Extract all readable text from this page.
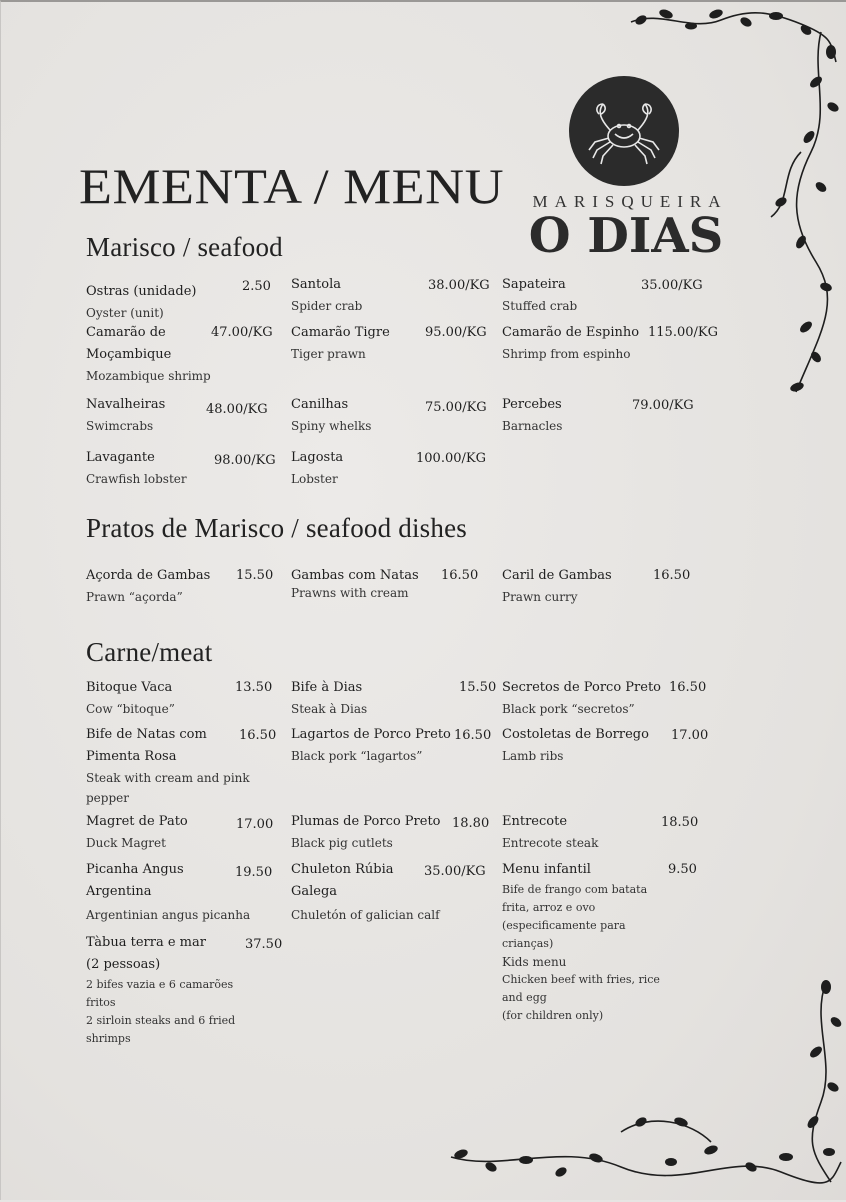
MARISQUEIRA
O DIAS
EMENTA / MENU
Marisco / seafood
Ostras (unidade)
Oyster (unit)
2.50 Santola
Spider crab
38.00/KG Sapateira
Stuffed crab
35.00/KG
Camarão de
Moçambique
Mozambique shrimp
47.00/KG Camarão Tigre
Tiger prawn
95.00/KG Camarão de Espinho
Shrimp from espinho
115.00/KG
Navalheiras
Swimcrabs
48.00/KG Canilhas
Spiny whelks
75.00/KG Percebes
Barnacles
79.00/KG
Lavagante
Crawfish lobster
98.00/KG Lagosta
Lobster
100.00/KG
Pratos de Marisco / seafood dishes
Açorda de Gambas
Prawn “açorda”
15.50 Gambas com Natas
Prawns with cream
16.50 Caril de Gambas
Prawn curry
16.50
Carne/meat
Bitoque Vaca
Cow “bitoque”
13.50 Bife à Dias
Steak à Dias
15.50 Secretos de Porco Preto
Black pork “secretos”
16.50
Bife de Natas com
Pimenta Rosa
Steak with cream and pink
pepper
16.50 Lagartos de Porco Preto
Black pork “lagartos”
16.50 Costoletas de Borrego
Lamb ribs
17.00
Magret de Pato
Duck Magret
17.00 Plumas de Porco Preto
Black pig cutlets
18.80 Entrecote
Entrecote steak
18.50
Picanha Angus
Argentina
Argentinian angus picanha
19.50 Chuleton Rúbia
Galega
Chuletón of galician calf
35.00/KG Menu infantil
Bife de frango com batata
frita, arroz e ovo
(especificamente para
crianças)
Kids menu
Chicken beef with fries, rice
and egg
(for children only)
9.50
Tàbua terra e mar
(2 pessoas)
2 bifes vazia e 6 camarões
fritos
2 sirloin steaks and 6 fried
shrimps
37.50
